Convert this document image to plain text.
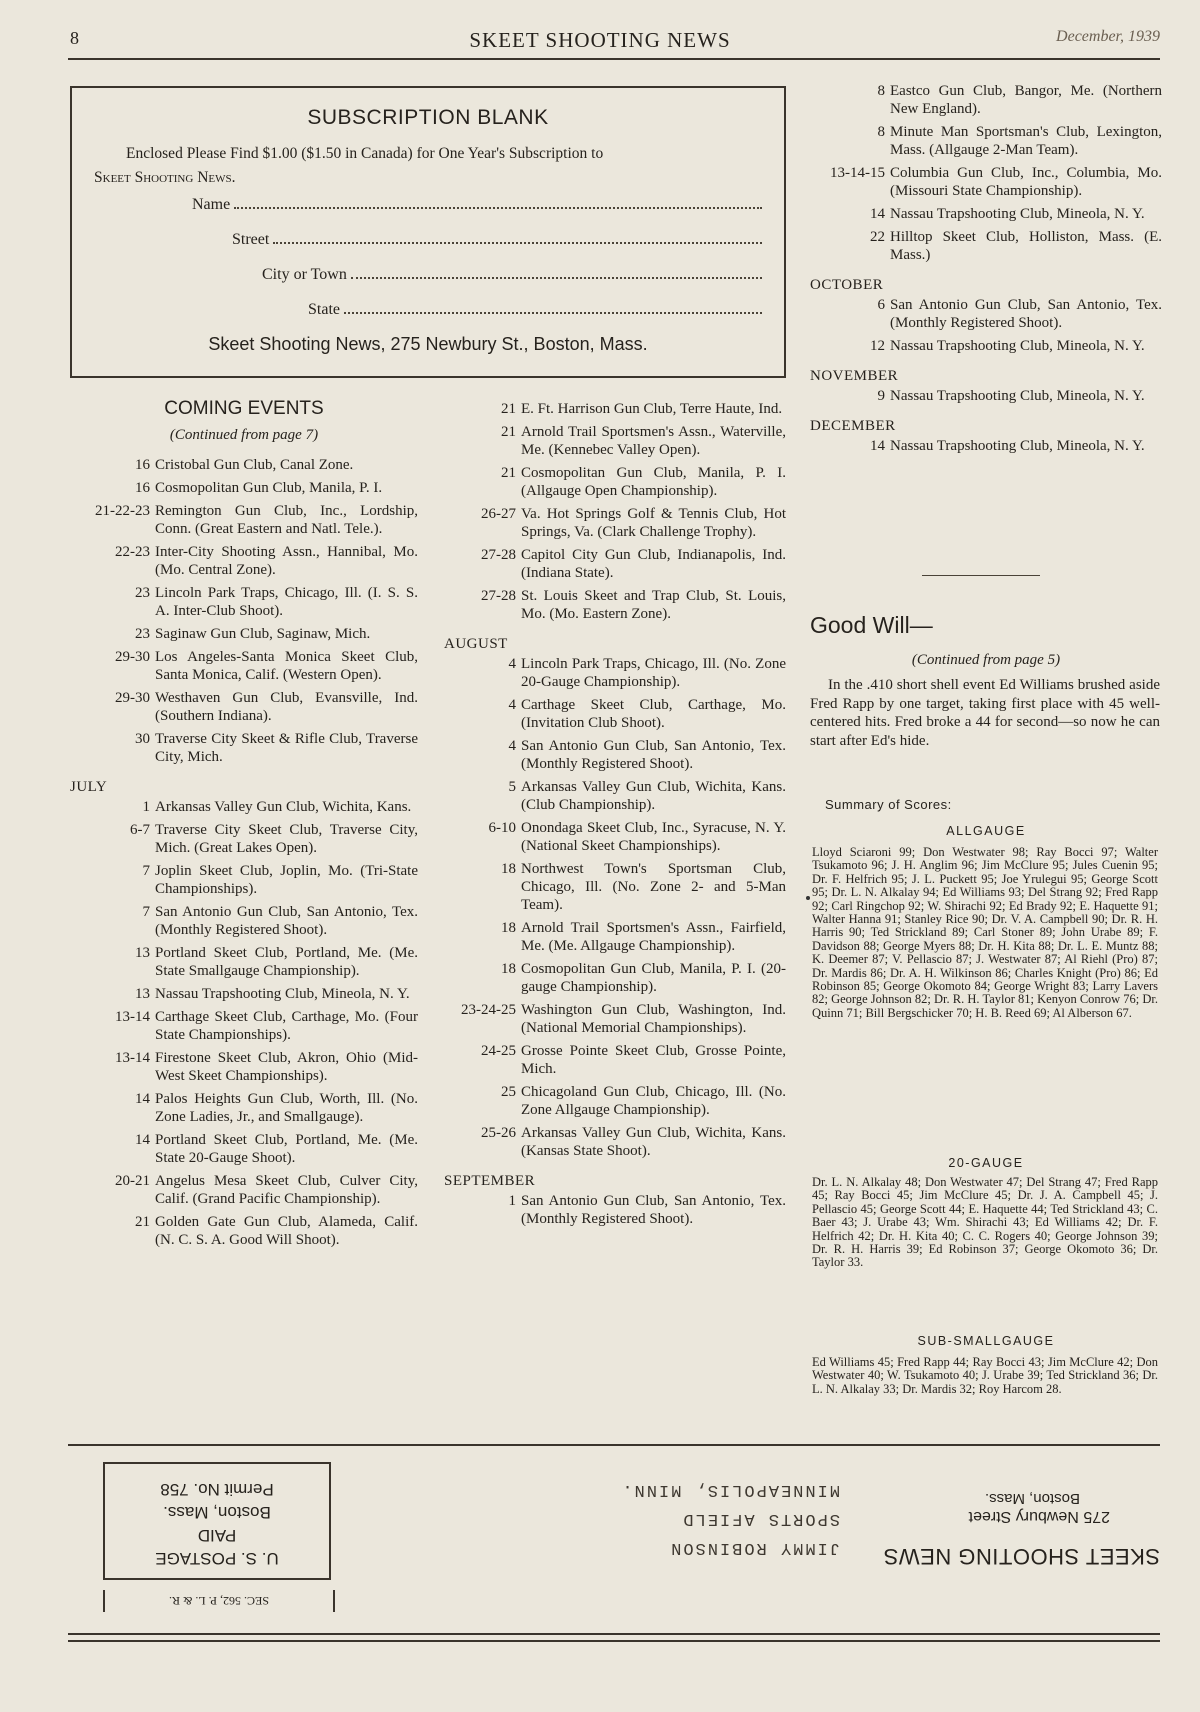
8	SKEET SHOOTING NEWS	December, 1939
SUBSCRIPTION BLANK
Enclosed Please Find $1.00 ($1.50 in Canada) for One Year's Subscription to
Skeet Shooting News.
Name
Street
City or Town
State
Skeet Shooting News, 275 Newbury St., Boston, Mass.
COMING EVENTS
(Continued from page 7)
16 Cristobal Gun Club, Canal Zone.
16 Cosmopolitan Gun Club, Manila, P. I.
21-22-23 Remington Gun Club, Inc., Lordship, Conn. (Great Eastern and Natl. Tele.).
22-23 Inter-City Shooting Assn., Hannibal, Mo. (Mo. Central Zone).
23 Lincoln Park Traps, Chicago, Ill. (I. S. S. A. Inter-Club Shoot).
23 Saginaw Gun Club, Saginaw, Mich.
29-30 Los Angeles-Santa Monica Skeet Club, Santa Monica, Calif. (Western Open).
29-30 Westhaven Gun Club, Evansville, Ind. (Southern Indiana).
30 Traverse City Skeet & Rifle Club, Traverse City, Mich.
JULY
1 Arkansas Valley Gun Club, Wichita, Kans.
6-7 Traverse City Skeet Club, Traverse City, Mich. (Great Lakes Open).
7 Joplin Skeet Club, Joplin, Mo. (Tri-State Championships).
7 San Antonio Gun Club, San Antonio, Tex. (Monthly Registered Shoot).
13 Portland Skeet Club, Portland, Me. (Me. State Smallgauge Championship).
13 Nassau Trapshooting Club, Mineola, N. Y.
13-14 Carthage Skeet Club, Carthage, Mo. (Four State Championships).
13-14 Firestone Skeet Club, Akron, Ohio (Mid-West Skeet Championships).
14 Palos Heights Gun Club, Worth, Ill. (No. Zone Ladies, Jr., and Smallgauge).
14 Portland Skeet Club, Portland, Me. (Me. State 20-Gauge Shoot).
20-21 Angelus Mesa Skeet Club, Culver City, Calif. (Grand Pacific Championship).
21 Golden Gate Gun Club, Alameda, Calif. (N. C. S. A. Good Will Shoot).
21 E. Ft. Harrison Gun Club, Terre Haute, Ind.
21 Arnold Trail Sportsmen's Assn., Waterville, Me. (Kennebec Valley Open).
21 Cosmopolitan Gun Club, Manila, P. I. (Allgauge Open Championship).
26-27 Va. Hot Springs Golf & Tennis Club, Hot Springs, Va. (Clark Challenge Trophy).
27-28 Capitol City Gun Club, Indianapolis, Ind. (Indiana State).
27-28 St. Louis Skeet and Trap Club, St. Louis, Mo. (Mo. Eastern Zone).
AUGUST
4 Lincoln Park Traps, Chicago, Ill. (No. Zone 20-Gauge Championship).
4 Carthage Skeet Club, Carthage, Mo. (Invitation Club Shoot).
4 San Antonio Gun Club, San Antonio, Tex. (Monthly Registered Shoot).
5 Arkansas Valley Gun Club, Wichita, Kans. (Club Championship).
6-10 Onondaga Skeet Club, Inc., Syracuse, N. Y. (National Skeet Championships).
18 Northwest Town's Sportsman Club, Chicago, Ill. (No. Zone 2- and 5-Man Team).
18 Arnold Trail Sportsmen's Assn., Fairfield, Me. (Me. Allgauge Championship).
18 Cosmopolitan Gun Club, Manila, P. I. (20-gauge Championship).
23-24-25 Washington Gun Club, Washington, Ind. (National Memorial Championships).
24-25 Grosse Pointe Skeet Club, Grosse Pointe, Mich.
25 Chicagoland Gun Club, Chicago, Ill. (No. Zone Allgauge Championship).
25-26 Arkansas Valley Gun Club, Wichita, Kans. (Kansas State Shoot).
SEPTEMBER
1 San Antonio Gun Club, San Antonio, Tex. (Monthly Registered Shoot).
8 Eastco Gun Club, Bangor, Me. (Northern New England).
8 Minute Man Sportsman's Club, Lexington, Mass. (Allgauge 2-Man Team).
13-14-15 Columbia Gun Club, Inc., Columbia, Mo. (Missouri State Championship).
14 Nassau Trapshooting Club, Mineola, N. Y.
22 Hilltop Skeet Club, Holliston, Mass. (E. Mass.)
OCTOBER
6 San Antonio Gun Club, San Antonio, Tex. (Monthly Registered Shoot).
12 Nassau Trapshooting Club, Mineola, N. Y.
NOVEMBER
9 Nassau Trapshooting Club, Mineola, N. Y.
DECEMBER
14 Nassau Trapshooting Club, Mineola, N. Y.
Good Will—
(Continued from page 5)
In the .410 short shell event Ed Williams brushed aside Fred Rapp by one target, taking first place with 45 well-centered hits. Fred broke a 44 for second—so now he can start after Ed's hide.
Summary of Scores:
ALLGAUGE
Lloyd Sciaroni 99; Don Westwater 98; Ray Bocci 97; Walter Tsukamoto 96; J. H. Anglim 96; Jim McClure 95; Jules Cuenin 95; Dr. F. Helfrich 95; J. L. Puckett 95; Joe Yrulegui 95; George Scott 95; Dr. L. N. Alkalay 94; Ed Williams 93; Del Strang 92; Fred Rapp 92; Carl Ringchop 92; W. Shirachi 92; Ed Brady 92; E. Haquette 91; Walter Hanna 91; Stanley Rice 90; Dr. V. A. Campbell 90; Dr. R. H. Harris 90; Ted Strickland 89; Carl Stoner 89; John Urabe 89; F. Davidson 88; George Myers 88; Dr. H. Kita 88; Dr. L. E. Muntz 88; K. Deemer 87; V. Pellascio 87; J. Westwater 87; Al Riehl (Pro) 87; Dr. Mardis 86; Dr. A. H. Wilkinson 86; Charles Knight (Pro) 86; Ed Robinson 85; George Okomoto 84; George Wright 83; Larry Lavers 82; George Johnson 82; Dr. R. H. Taylor 81; Kenyon Conrow 76; Dr. Quinn 71; Bill Bergschicker 70; H. B. Reed 69; Al Alberson 67.
20-GAUGE
Dr. L. N. Alkalay 48; Don Westwater 47; Del Strang 47; Fred Rapp 45; Ray Bocci 45; Jim McClure 45; Dr. J. A. Campbell 45; J. Pellascio 45; George Scott 44; E. Haquette 44; Ted Strickland 43; C. Baer 43; J. Urabe 43; Wm. Shirachi 43; Ed Williams 42; Dr. F. Helfrich 42; Dr. H. Kita 40; C. C. Rogers 40; George Johnson 39; Dr. R. H. Harris 39; Ed Robinson 37; George Okomoto 36; Dr. Taylor 33.
SUB-SMALLGAUGE
Ed Williams 45; Fred Rapp 44; Ray Bocci 43; Jim McClure 42; Don Westwater 40; W. Tsukamoto 40; J. Urabe 39; Ted Strickland 36; Dr. L. N. Alkalay 33; Dr. Mardis 32; Roy Harcom 28.
U. S. POSTAGE
PAID
Boston, Mass.
Permit No. 758
SEC. 562, P. L. & R.
JIMMY ROBINSON
SPORTS AFIELD
MINNEAPOLIS, MINN.
SKEET SHOOTING NEWS
275 Newbury Street
Boston, Mass.
